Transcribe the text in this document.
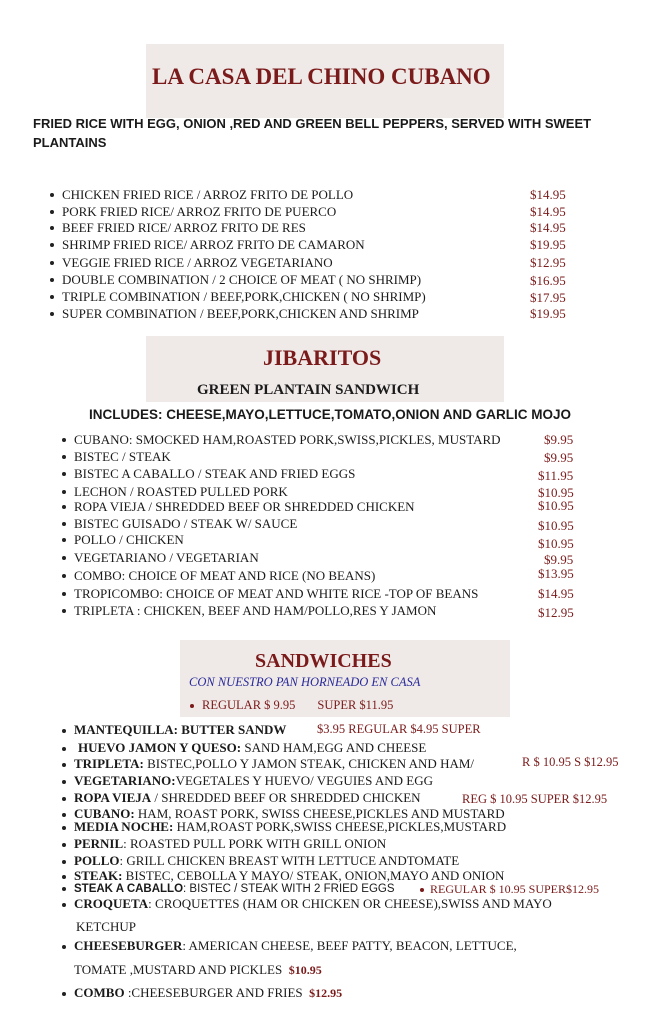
LA CASA DEL CHINO CUBANO
FRIED RICE WITH EGG, ONION ,RED AND GREEN BELL PEPPERS, SERVED WITH SWEET
PLANTAINS
CHICKEN FRIED RICE / ARROZ FRITO DE POLLO	$14.95
PORK FRIED RICE/ ARROZ FRITO DE PUERCO	$14.95
BEEF FRIED RICE/ ARROZ FRITO DE RES	$14.95
SHRIMP FRIED RICE/ ARROZ FRITO DE CAMARON	$19.95
VEGGIE FRIED RICE / ARROZ VEGETARIANO	$12.95
DOUBLE COMBINATION / 2 CHOICE OF MEAT ( NO SHRIMP)	$16.95
TRIPLE COMBINATION / BEEF,PORK,CHICKEN ( NO SHRIMP)	$17.95
SUPER COMBINATION / BEEF,PORK,CHICKEN AND SHRIMP	$19.95
JIBARITOS
GREEN PLANTAIN SANDWICH
INCLUDES: CHEESE,MAYO,LETTUCE,TOMATO,ONION AND GARLIC MOJO
CUBANO: SMOCKED HAM,ROASTED PORK,SWISS,PICKLES, MUSTARD	$9.95
BISTEC / STEAK	$9.95
BISTEC A CABALLO / STEAK AND FRIED EGGS	$11.95
LECHON / ROASTED PULLED PORK	$10.95
ROPA VIEJA / SHREDDED BEEF OR SHREDDED CHICKEN	$10.95
BISTEC GUISADO / STEAK W/ SAUCE	$10.95
POLLO / CHICKEN	$10.95
VEGETARIANO / VEGETARIAN	$9.95
COMBO: CHOICE OF MEAT AND RICE (NO BEANS)	$13.95
TROPICOMBO: CHOICE OF MEAT AND WHITE RICE -TOP OF BEANS	$14.95
TRIPLETA : CHICKEN, BEEF AND HAM/POLLO,RES Y JAMON	$12.95
SANDWICHES
CON NUESTRO PAN HORNEADO EN CASA
REGULAR $ 9.95 SUPER $11.95
MANTEQUILLA: BUTTER SANDW $3.95 REGULAR $4.95 SUPER
HUEVO JAMON Y QUESO: SAND HAM,EGG AND CHEESE
TRIPLETA: BISTEC,POLLO Y JAMON STEAK, CHICKEN AND HAM/	R $ 10.95 S $12.95
VEGETARIANO:VEGETALES Y HUEVO/ VEGUIES AND EGG
ROPA VIEJA / SHREDDED BEEF OR SHREDDED CHICKEN	REG $ 10.95 SUPER $12.95
CUBANO: HAM, ROAST PORK, SWISS CHEESE,PICKLES AND MUSTARD
MEDIA NOCHE: HAM,ROAST PORK,SWISS CHEESE,PICKLES,MUSTARD
PERNIL: ROASTED PULL PORK WITH GRILL ONION
POLLO: GRILL CHICKEN BREAST WITH LETTUCE ANDTOMATE
STEAK: BISTEC, CEBOLLA Y MAYO/ STEAK, ONION,MAYO AND ONION
STEAK A CABALLO: BISTEC / STEAK WITH 2 FRIED EGGS	REGULAR $ 10.95 SUPER$12.95
CROQUETA: CROQUETTES (HAM OR CHICKEN OR CHEESE),SWISS AND MAYO
KETCHUP
CHEESEBURGER: AMERICAN CHEESE, BEEF PATTY, BEACON, LETTUCE,
TOMATE ,MUSTARD AND PICKLES $10.95
COMBO :CHEESEBURGER AND FRIES $12.95
